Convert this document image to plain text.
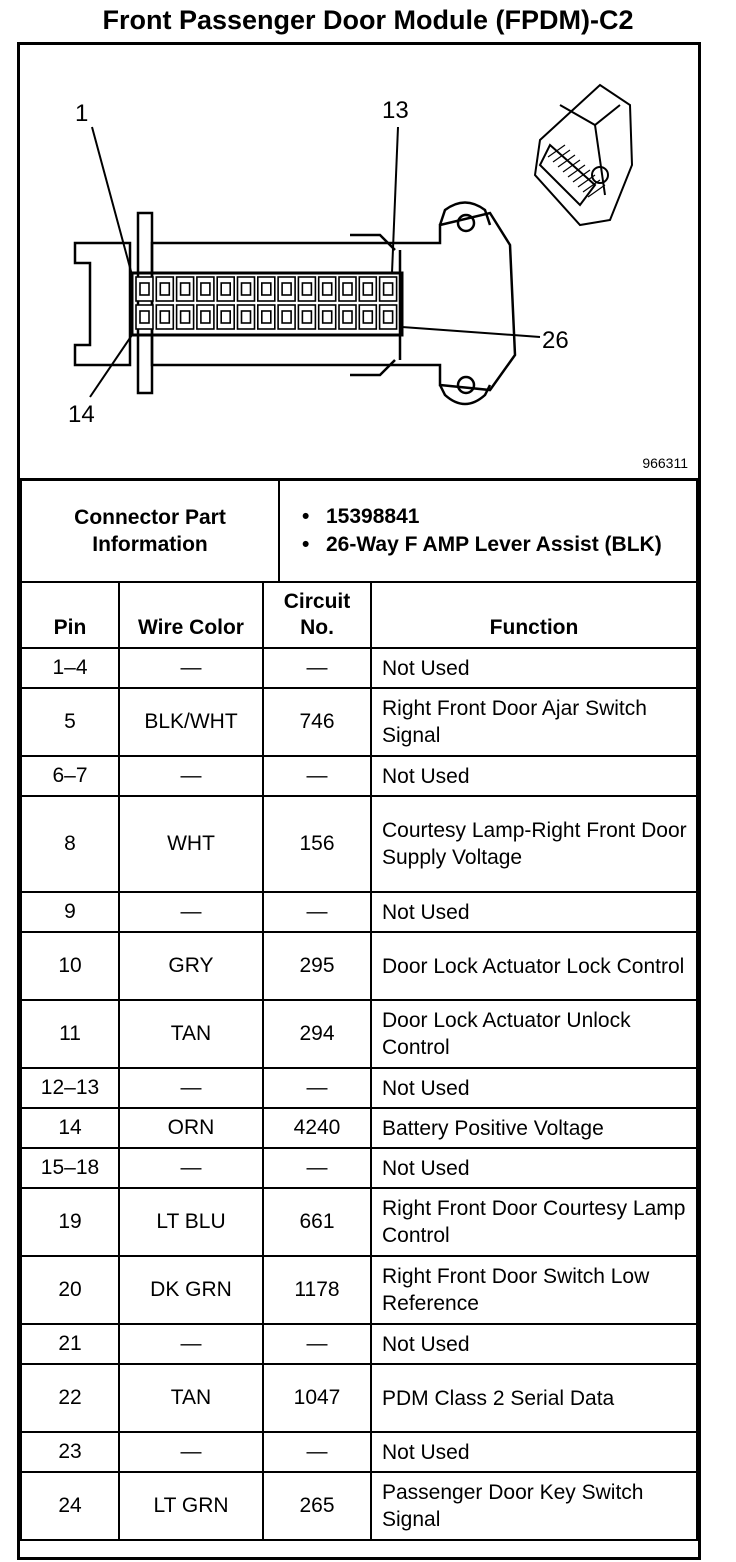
Front Passenger Door Module (FPDM)-C2
1	13
14
26
966311
Connector Part Information	
• 15398841
• 26-Way F AMP Lever Assist (BLK)
Pin	Wire Color	Circuit No.	Function
1–4	—	—	Not Used
5	BLK/WHT	746	Right Front Door Ajar Switch Signal
6–7	—	—	Not Used
8	WHT	156	Courtesy Lamp-Right Front Door Supply Voltage
9	—	—	Not Used
10	GRY	295	Door Lock Actuator Lock Control
11	TAN	294	Door Lock Actuator Unlock Control
12–13	—	—	Not Used
14	ORN	4240	Battery Positive Voltage
15–18	—	—	Not Used
19	LT BLU	661	Right Front Door Courtesy Lamp Control
20	DK GRN	1178	Right Front Door Switch Low Reference
21	—	—	Not Used
22	TAN	1047	PDM Class 2 Serial Data
23	—	—	Not Used
24	LT GRN	265	Passenger Door Key Switch Signal
